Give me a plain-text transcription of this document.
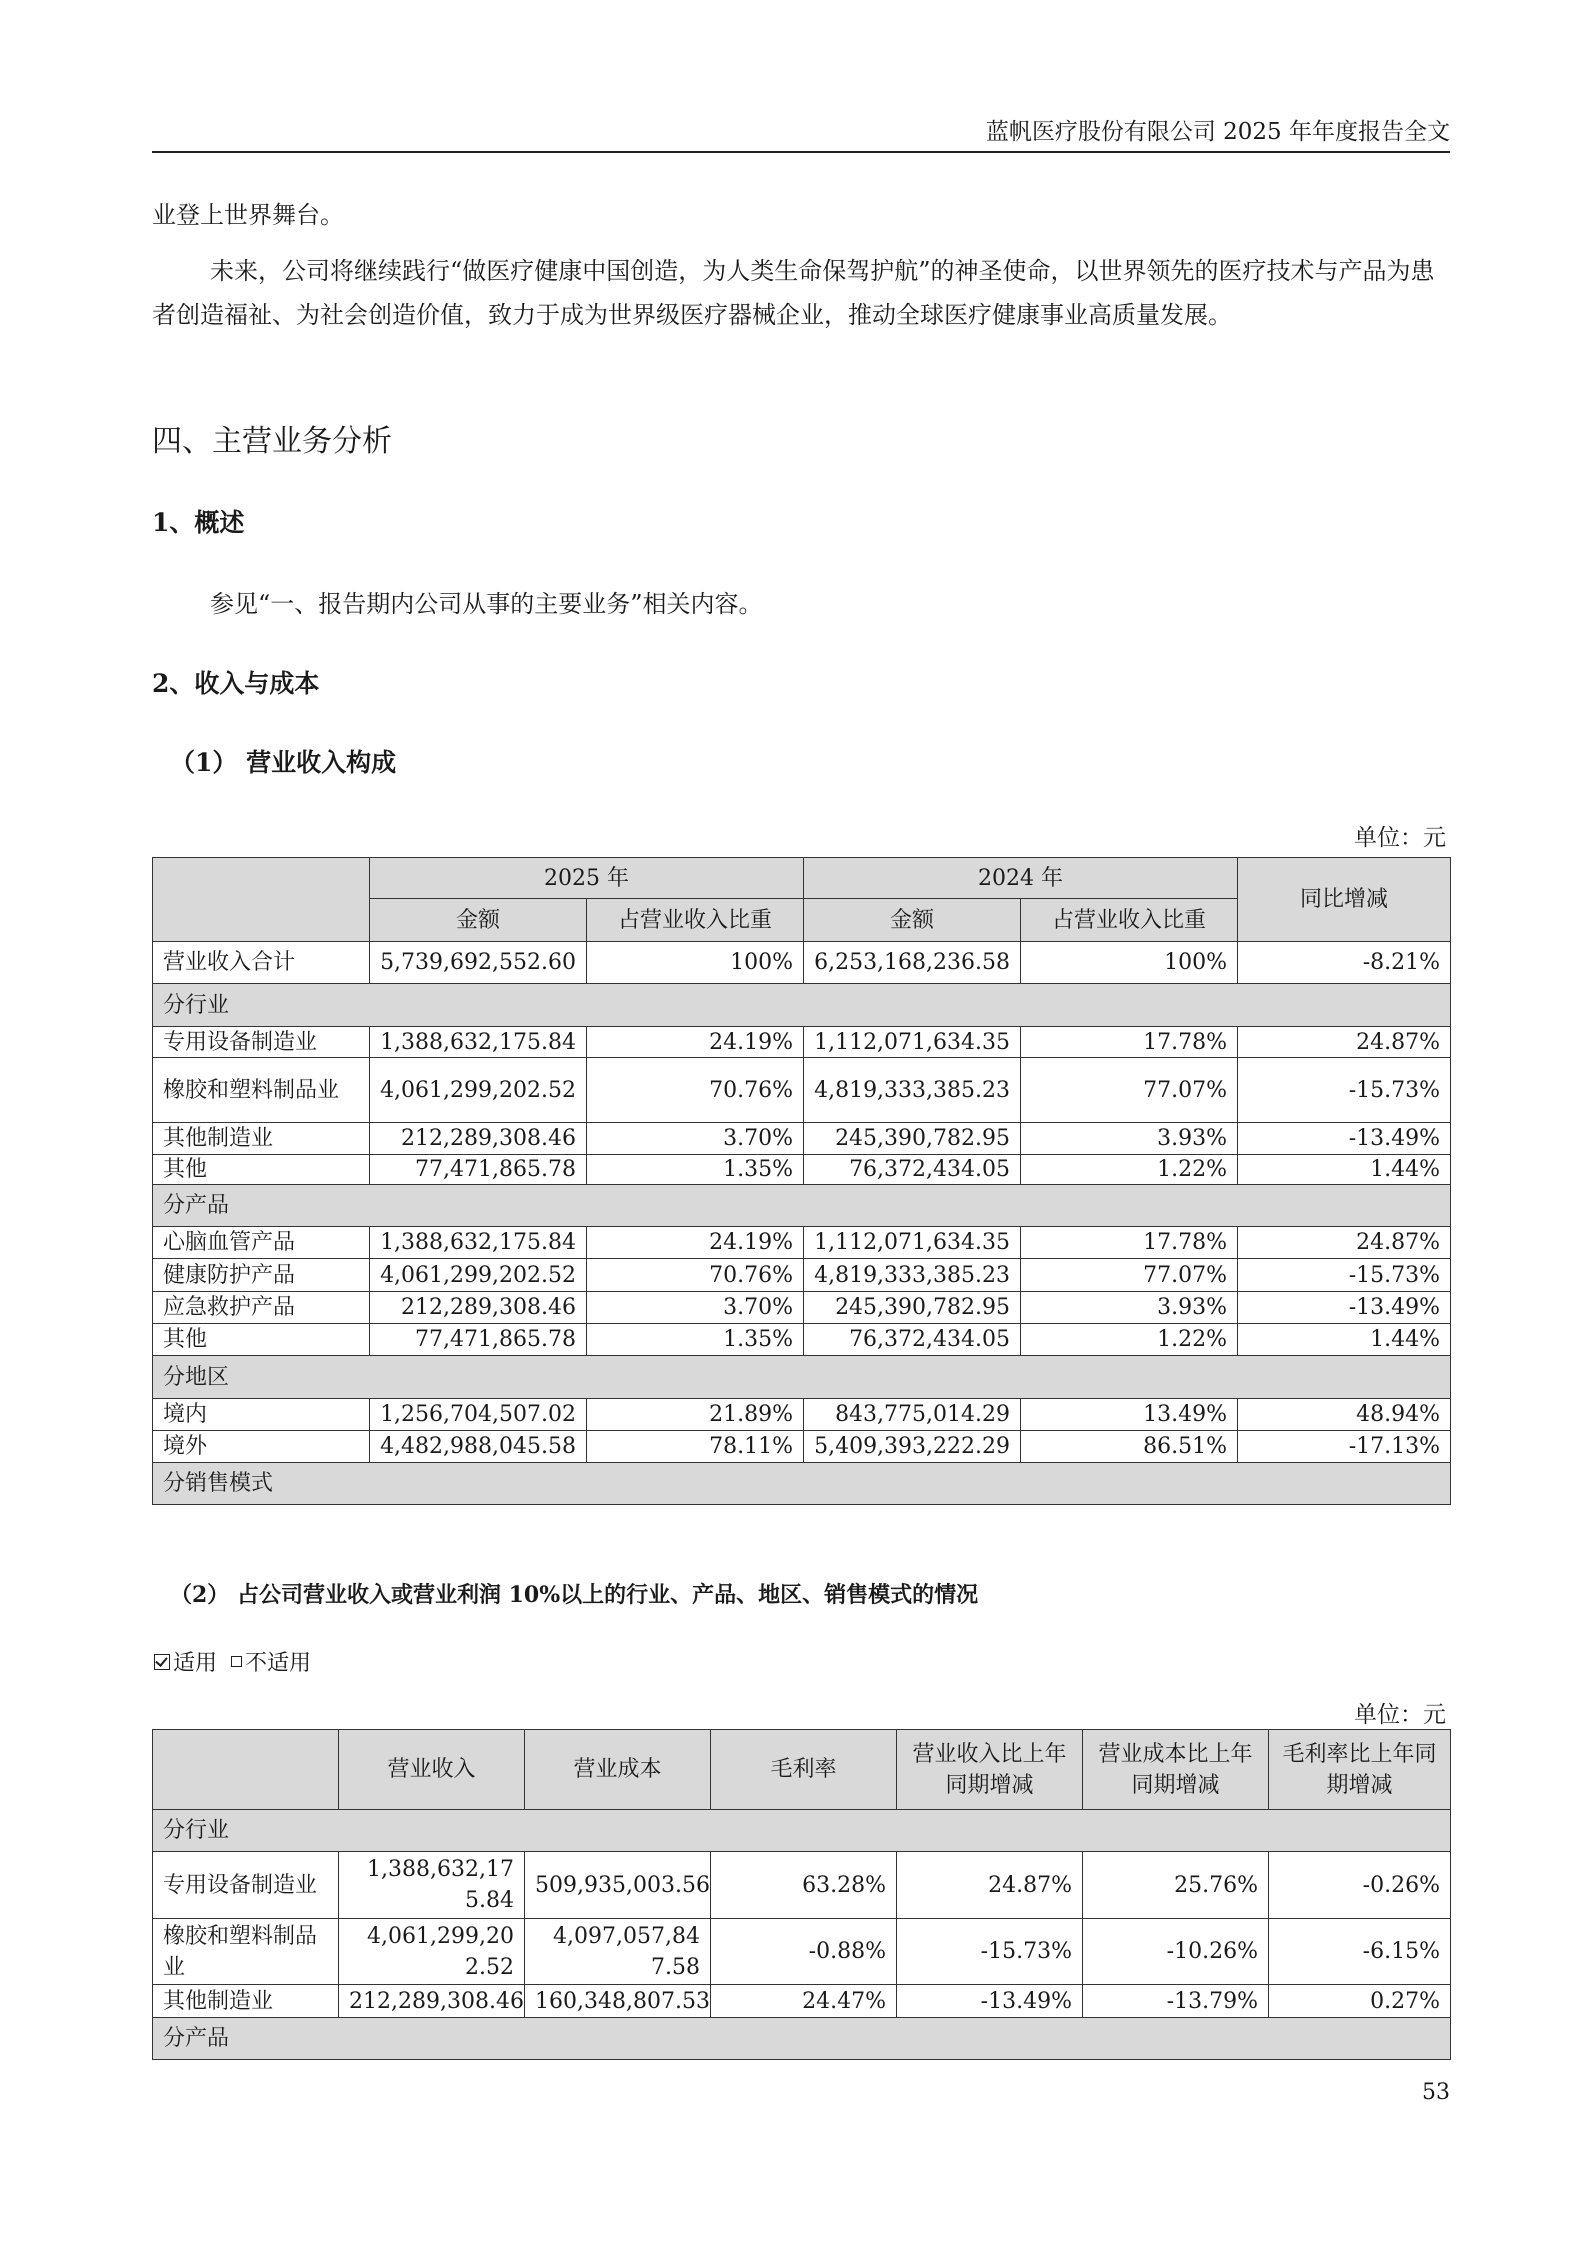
蓝帆医疗股份有限公司 2025 年年度报告全文

业登上世界舞台。

未来，公司将继续践行“做医疗健康中国创造，为人类生命保驾护航”的神圣使命，以世界领先的医疗技术与产品为患者创造福祉、为社会创造价值，致力于成为世界级医疗器械企业，推动全球医疗健康事业高质量发展。

四、主营业务分析
1、概述
参见“一、报告期内公司从事的主要业务”相关内容。
2、收入与成本
（1） 营业收入构成
单位：元
	2025 年		2024 年		同比增减
	金额	占营业收入比重	金额	占营业收入比重	
营业收入合计	5,739,692,552.60	100%	6,253,168,236.58	100%	-8.21%
分行业					
专用设备制造业	1,388,632,175.84	24.19%	1,112,071,634.35	17.78%	24.87%
橡胶和塑料制品业	4,061,299,202.52	70.76%	4,819,333,385.23	77.07%	-15.73%
其他制造业	212,289,308.46	3.70%	245,390,782.95	3.93%	-13.49%
其他	77,471,865.78	1.35%	76,372,434.05	1.22%	1.44%
分产品					
心脑血管产品	1,388,632,175.84	24.19%	1,112,071,634.35	17.78%	24.87%
健康防护产品	4,061,299,202.52	70.76%	4,819,333,385.23	77.07%	-15.73%
应急救护产品	212,289,308.46	3.70%	245,390,782.95	3.93%	-13.49%
其他	77,471,865.78	1.35%	76,372,434.05	1.22%	1.44%
分地区					
境内	1,256,704,507.02	21.89%	843,775,014.29	13.49%	48.94%
境外	4,482,988,045.58	78.11%	5,409,393,222.29	86.51%	-17.13%
分销售模式					
（2） 占公司营业收入或营业利润 10%以上的行业、产品、地区、销售模式的情况
适用 不适用
单位：元
	营业收入	营业成本	毛利率	营业收入比上年同期增减	营业成本比上年同期增减	毛利率比上年同期增减
分行业						
专用设备制造业	1,388,632,175.84	509,935,003.56	63.28%	24.87%	25.76%	-0.26%
橡胶和塑料制品业	4,061,299,202.52	4,097,057,847.58	-0.88%	-15.73%	-10.26%	-6.15%
其他制造业	212,289,308.46	160,348,807.53	24.47%	-13.49%	-13.79%	0.27%
分产品						
53
